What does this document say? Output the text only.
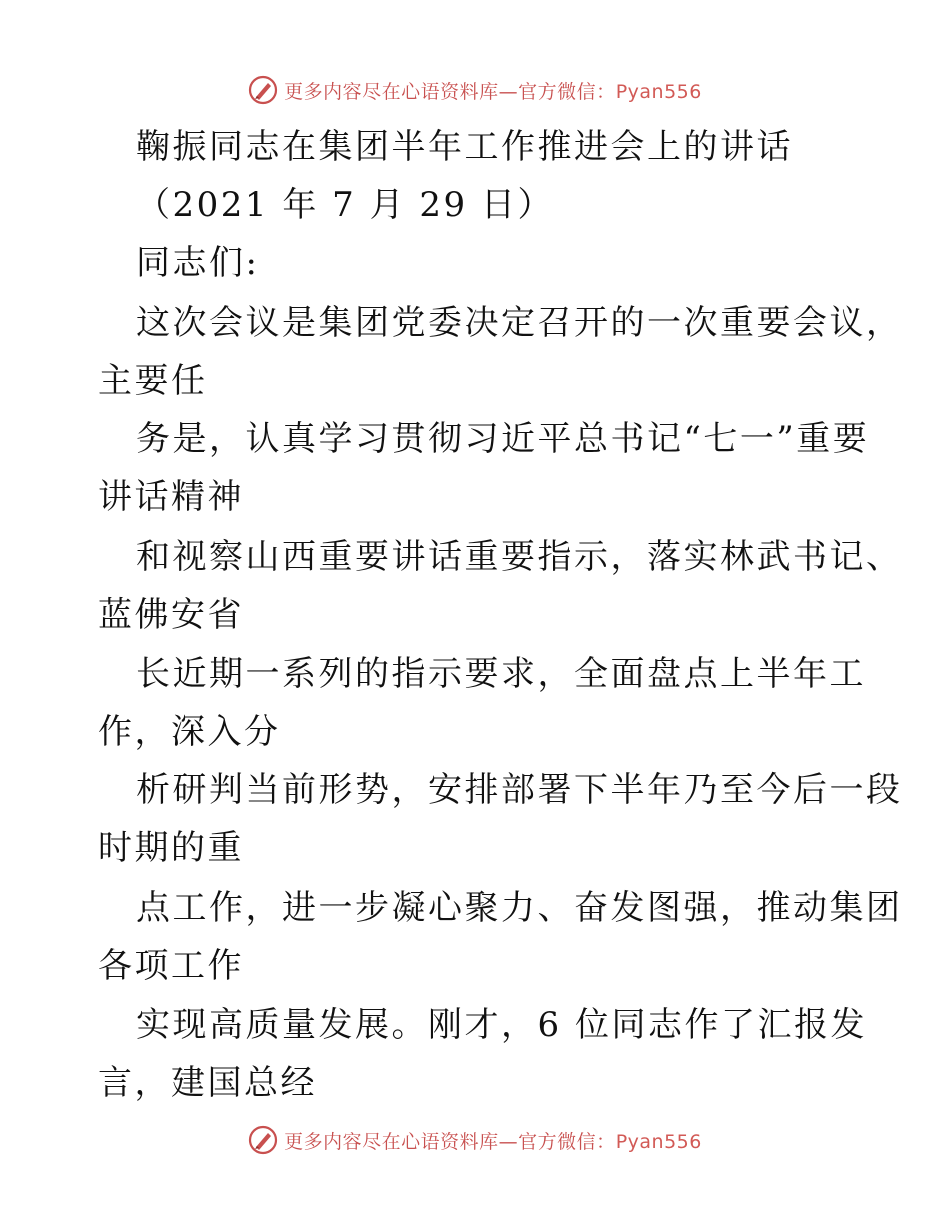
更多内容尽在心语资料库—官方微信：Pyan556
鞠振同志在集团半年工作推进会上的讲话
（2021 年 7 月 29 日）
同志们:
这次会议是集团党委决定召开的一次重要会议，
主要任
务是，认真学习贯彻习近平总书记“七一”重要
讲话精神
和视察山西重要讲话重要指示，落实林武书记、
蓝佛安省
长近期一系列的指示要求，全面盘点上半年工
作，深入分
析研判当前形势，安排部署下半年乃至今后一段
时期的重
点工作，进一步凝心聚力、奋发图强，推动集团
各项工作
实现高质量发展。刚才，6 位同志作了汇报发
言，建国总经
更多内容尽在心语资料库—官方微信：Pyan556
